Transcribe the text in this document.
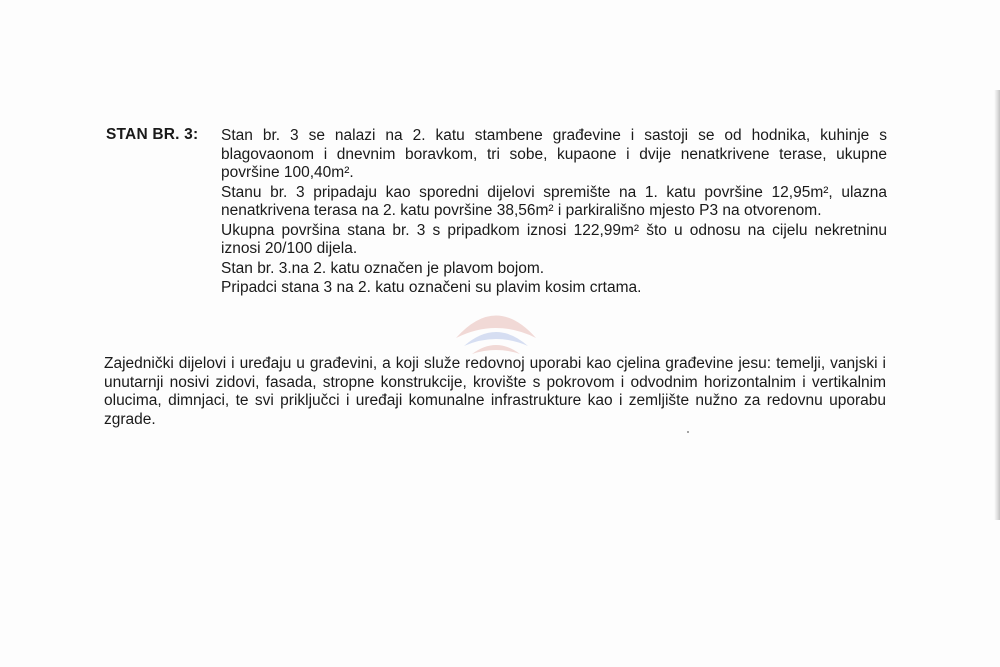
STAN BR. 3: Stan br. 3 se nalazi na 2. katu stambene građevine i sastoji se od hodnika, kuhinje s blagovaonom i dnevnim boravkom, tri sobe, kupaone i dvije nenatkrivene terase, ukupne površine 100,40m².

Stanu br. 3 pripadaju kao sporedni dijelovi spremište na 1. katu površine 12,95m², ulazna nenatkrivena terasa na 2. katu površine 38,56m² i parkirališno mjesto P3 na otvorenom.

Ukupna površina stana br. 3 s pripadkom iznosi 122,99m² što u odnosu na cijelu nekretninu iznosi 20/100 dijela.

Stan br. 3.na 2. katu označen je plavom bojom.

Pripadci stana 3 na 2. katu označeni su plavim kosim crtama.

Zajednički dijelovi i uređaju u građevini, a koji služe redovnoj uporabi kao cjelina građevine jesu: temelji, vanjski i unutarnji nosivi zidovi, fasada, stropne konstrukcije, krovište s pokrovom i odvodnim horizontalnim i vertikalnim olucima, dimnjaci, te svi priključci i uređaji komunalne infrastrukture kao i zemljište nužno za redovnu uporabu zgrade.
